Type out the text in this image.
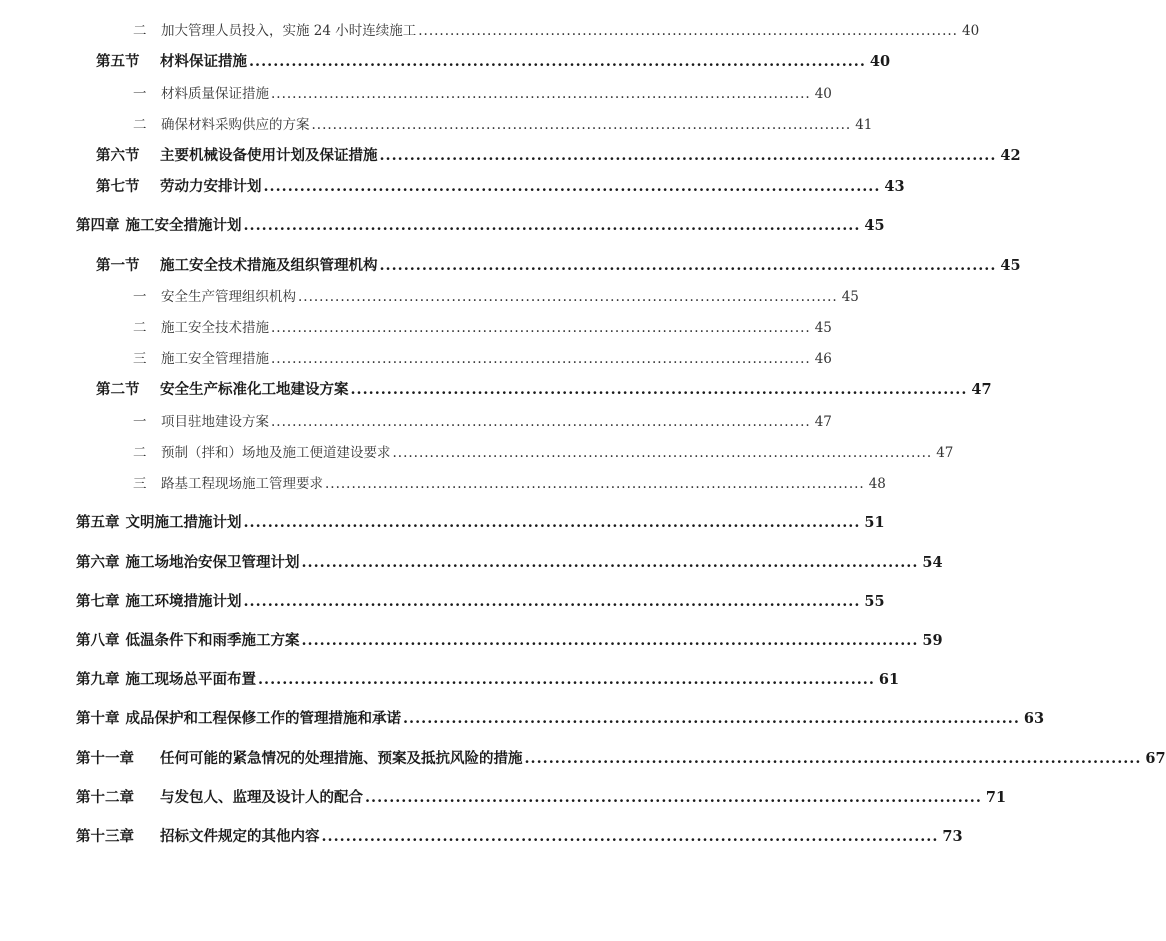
二	加大管理人员投入，实施 24 小时连续施工 ...................................................................................................... 40
第五节	材料保证措施 ...................................................................................................... 40
一	材料质量保证措施 ...................................................................................................... 40
二	确保材料采购供应的方案 ...................................................................................................... 41
第六节	主要机械设备使用计划及保证措施 ...................................................................................................... 42
第七节	劳动力安排计划 ...................................................................................................... 43
第四章 施工安全措施计划 ...................................................................................................... 45
第一节	施工安全技术措施及组织管理机构 ...................................................................................................... 45
一	安全生产管理组织机构 ...................................................................................................... 45
二	施工安全技术措施 ...................................................................................................... 45
三	施工安全管理措施 ...................................................................................................... 46
第二节	安全生产标准化工地建设方案 ...................................................................................................... 47
一	项目驻地建设方案 ...................................................................................................... 47
二	预制（拌和）场地及施工便道建设要求 ...................................................................................................... 47
三	路基工程现场施工管理要求 ...................................................................................................... 48
第五章 文明施工措施计划 ...................................................................................................... 51
第六章 施工场地治安保卫管理计划 ...................................................................................................... 54
第七章 施工环境措施计划 ...................................................................................................... 55
第八章 低温条件下和雨季施工方案 ...................................................................................................... 59
第九章 施工现场总平面布置 ...................................................................................................... 61
第十章 成品保护和工程保修工作的管理措施和承诺 ...................................................................................................... 63
第十一章	任何可能的紧急情况的处理措施、预案及抵抗风险的措施 ...................................................................................................... 67
第十二章	与发包人、监理及设计人的配合 ...................................................................................................... 71
第十三章	招标文件规定的其他内容 ...................................................................................................... 73
